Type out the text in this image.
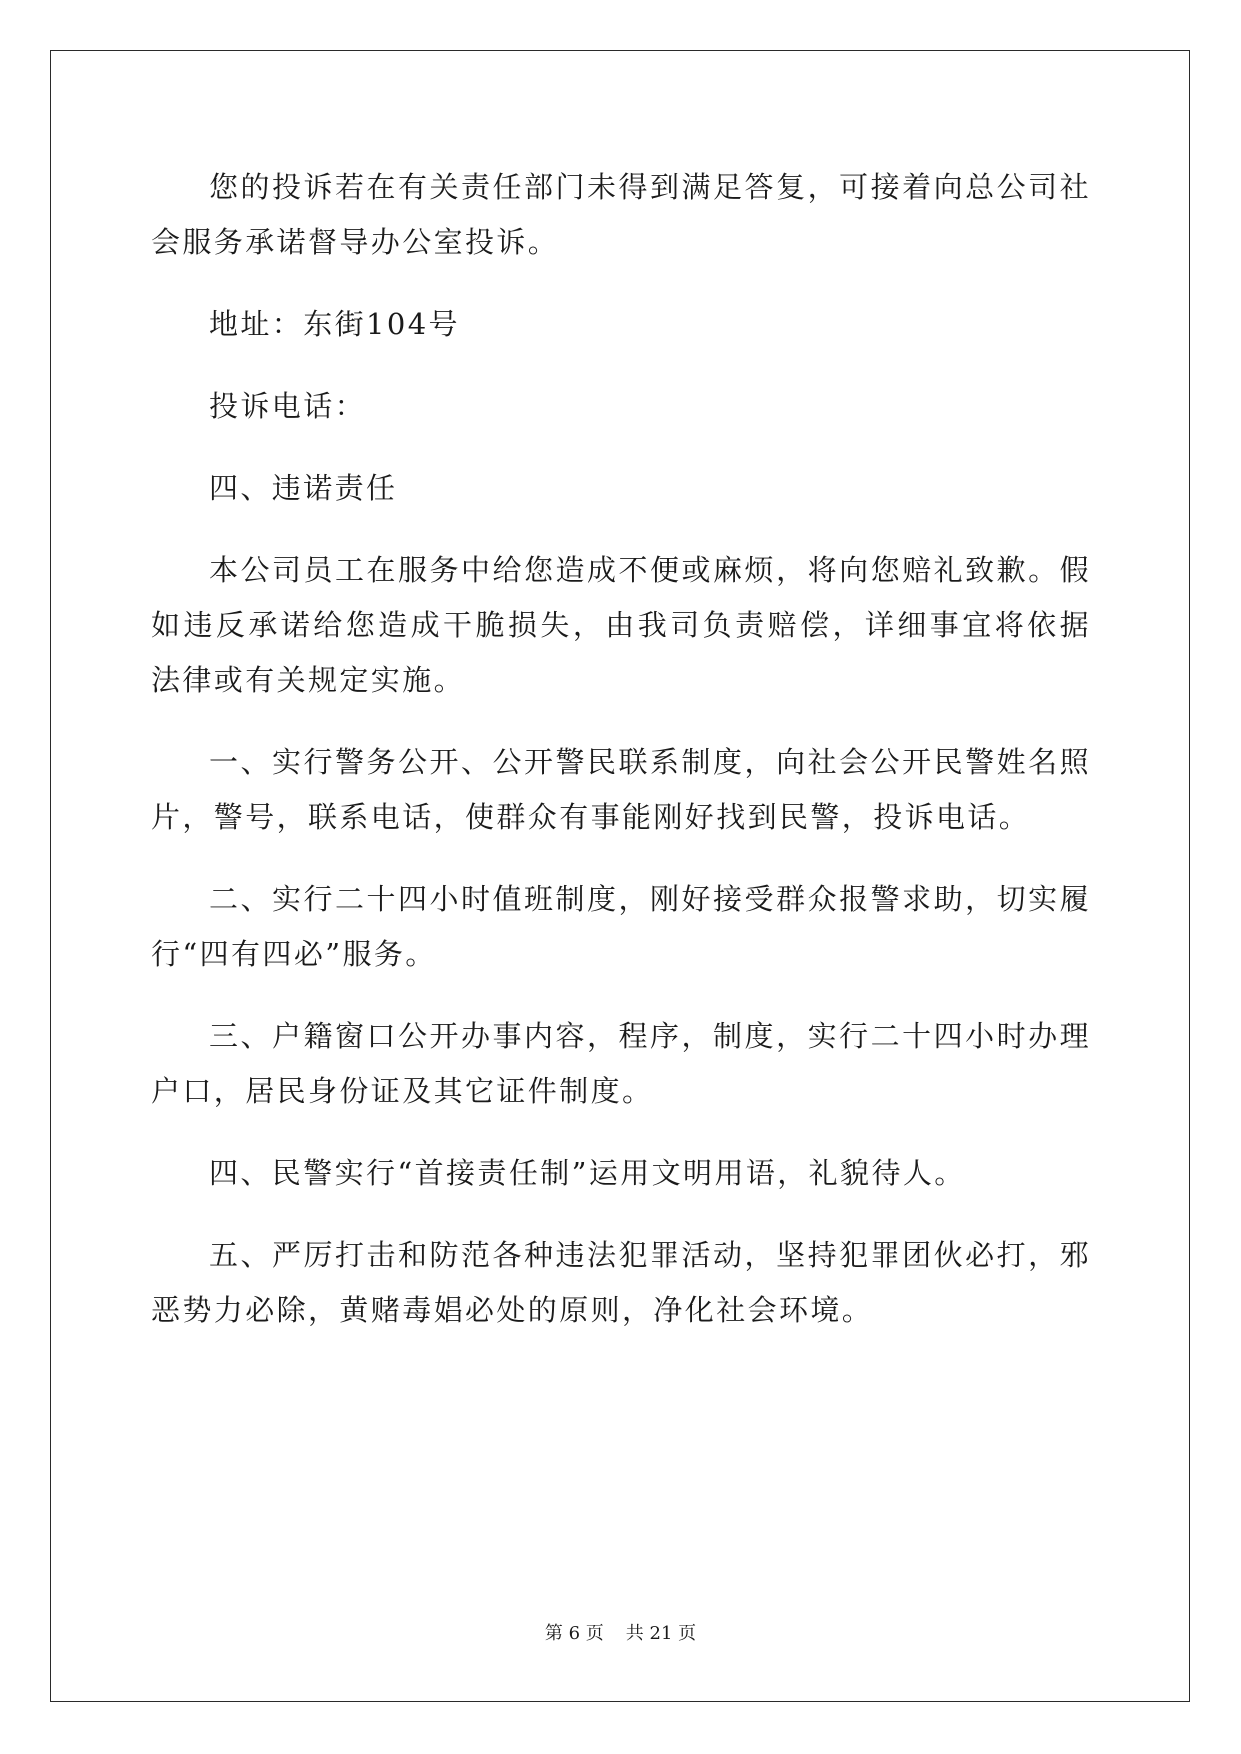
您的投诉若在有关责任部门未得到满足答复，可接着向总公司社会服务承诺督导办公室投诉。

地址：东街104号

投诉电话：

四、违诺责任

本公司员工在服务中给您造成不便或麻烦，将向您赔礼致歉。假如违反承诺给您造成干脆损失，由我司负责赔偿，详细事宜将依据法律或有关规定实施。

一、实行警务公开、公开警民联系制度，向社会公开民警姓名照片，警号，联系电话，使群众有事能刚好找到民警，投诉电话。

二、实行二十四小时值班制度，刚好接受群众报警求助，切实履行“四有四必”服务。

三、户籍窗口公开办事内容，程序，制度，实行二十四小时办理户口，居民身份证及其它证件制度。

四、民警实行“首接责任制”运用文明用语，礼貌待人。

五、严厉打击和防范各种违法犯罪活动，坚持犯罪团伙必打，邪恶势力必除，黄赌毒娼必处的原则，净化社会环境。

第 6 页 共 21 页
